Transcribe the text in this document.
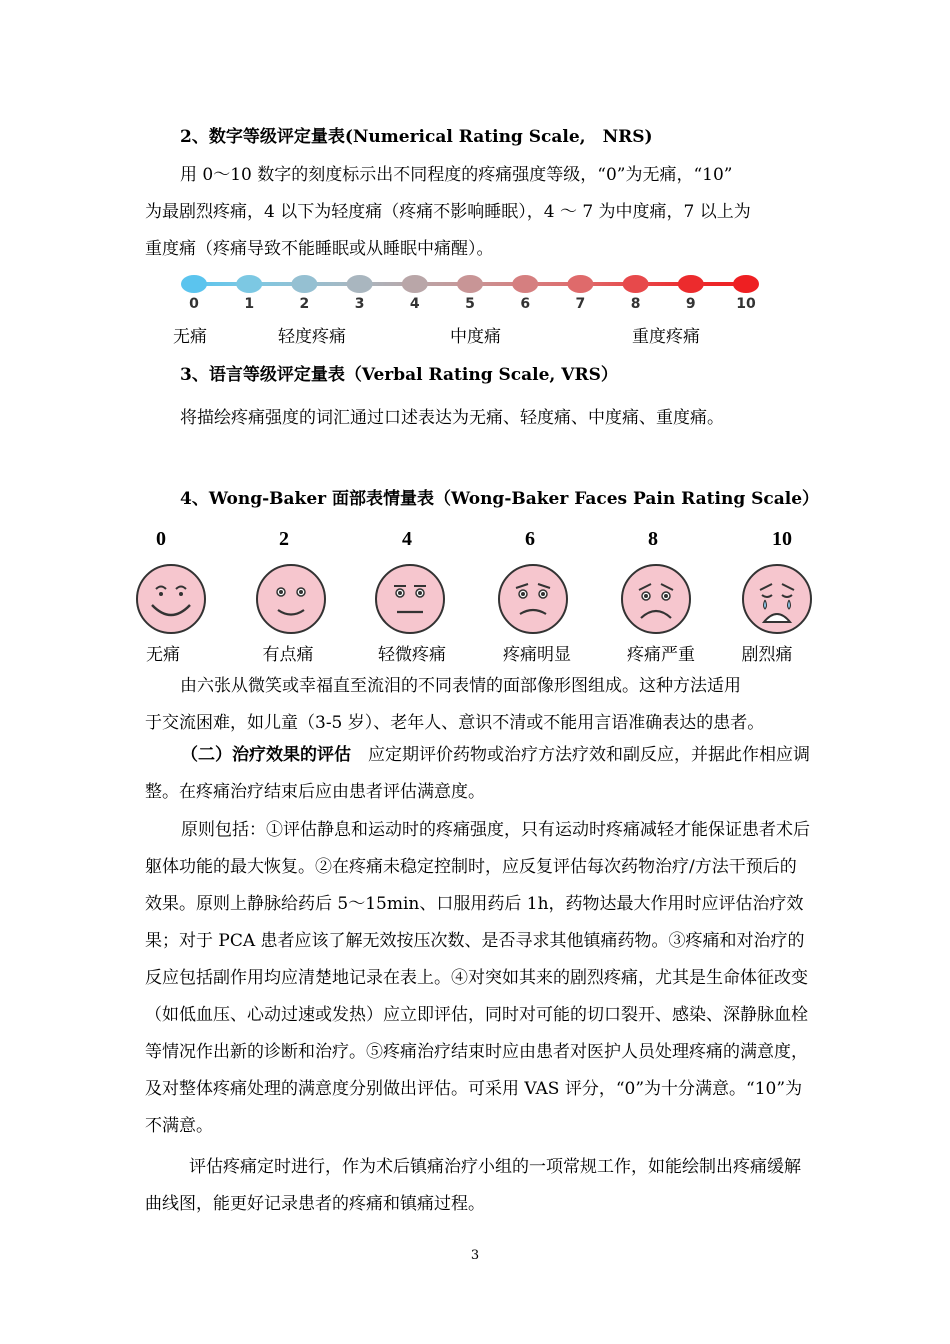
2、数字等级评定量表(Numerical Rating Scale,　NRS)
用 0～10 数字的刻度标示出不同程度的疼痛强度等级，“0”为无痛，“10”
为最剧烈疼痛，4 以下为轻度痛（疼痛不影响睡眠），4 ～ 7 为中度痛，7 以上为
重度痛（疼痛导致不能睡眠或从睡眠中痛醒）。
0	1	2	3	4	5	6	7	8	9	10
无痛	轻度疼痛	中度痛	重度疼痛
3、语言等级评定量表（Verbal Rating Scale, VRS）
将描绘疼痛强度的词汇通过口述表达为无痛、轻度痛、中度痛、重度痛。
4、Wong-Baker 面部表情量表（Wong-Baker Faces Pain Rating Scale）
0	2	4	6	8	10
无痛	有点痛	轻微疼痛	疼痛明显	疼痛严重	剧烈痛
由六张从微笑或幸福直至流泪的不同表情的面部像形图组成。这种方法适用
于交流困难，如儿童（3-5 岁）、老年人、意识不清或不能用言语准确表达的患者。

（二）治疗效果的评估　 应定期评价药物或治疗方法疗效和副反应，并据此作相应调整。在疼痛治疗结束后应由患者评估满意度。

原则包括：①评估静息和运动时的疼痛强度，只有运动时疼痛减轻才能保证患者术后躯体功能的最大恢复。②在疼痛未稳定控制时，应反复评估每次药物治疗/方法干预后的效果。原则上静脉给药后 5～15min、口服用药后 1h，药物达最大作用时应评估治疗效果；对于 PCA 患者应该了解无效按压次数、是否寻求其他镇痛药物。③疼痛和对治疗的反应包括副作用均应清楚地记录在表上。④对突如其来的剧烈疼痛，尤其是生命体征改变（如低血压、心动过速或发热）应立即评估，同时对可能的切口裂开、感染、深静脉血栓等情况作出新的诊断和治疗。⑤疼痛治疗结束时应由患者对医护人员处理疼痛的满意度，及对整体疼痛处理的满意度分别做出评估。可采用 VAS 评分，“0”为十分满意。“10”为不满意。

评估疼痛定时进行，作为术后镇痛治疗小组的一项常规工作，如能绘制出疼痛缓解曲线图，能更好记录患者的疼痛和镇痛过程。

3
